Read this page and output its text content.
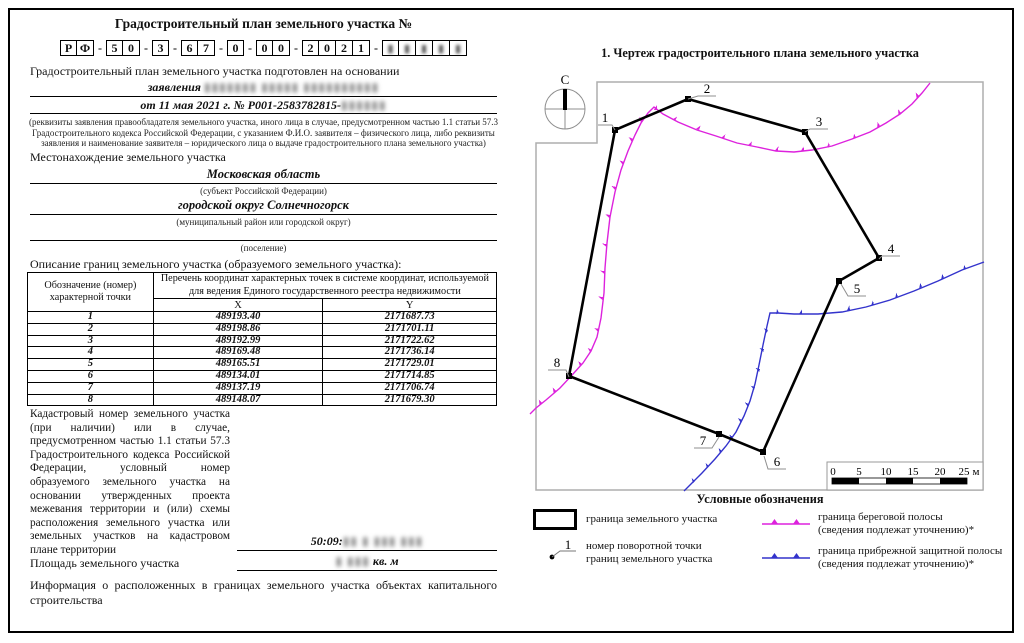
Градостроительный план земельного участка №
Р Ф - 5 0 - 3 - 6 7 - 0 - 0 0 - 2 0 2 1 - ▮ ▮ ▮ ▮ ▮
Градостроительный план земельного участка подготовлен на основании
заявления ▮▮▮▮▮▮▮ ▮▮▮▮▮ ▮▮▮▮▮▮▮▮▮▮
от 11 мая 2021 г. № Р001-2583782815-▮▮▮▮▮▮
(реквизиты заявления правообладателя земельного участка, иного лица в случае, предусмотренном частью 1.1 статьи 57.3
Градостроительного кодекса Российской Федерации, с указанием Ф.И.О. заявителя – физического лица, либо реквизиты
заявления и наименование заявителя – юридического лица о выдаче градостроительного плана земельного участка)
Местонахождение земельного участка
Московская область
(субъект Российской Федерации)
городской округ Солнечногорск
(муниципальный район или городской округ)
(поселение)
Описание границ земельного участка (образуемого земельного участка):
Обозначение (номер) характерной точки	Перечень координат характерных точек в системе координат, используемой для ведения Единого государственного реестра недвижимости	
	X	Y
1	489193.40	2171687.73
2	489198.86	2171701.11
3	489192.99	2171722.62
4	489169.48	2171736.14
5	489165.51	2171729.01
6	489134.01	2171714.85
7	489137.19	2171706.74
8	489148.07	2171679.30
Кадастровый номер земельного участка (при наличии) или в случае, предусмотренном частью 1.1 статьи 57.3 Градостроительного кодекса Российской Федерации, условный номер образуемого земельного участка на основании утвержденных проекта межевания территории и (или) схемы расположения земельного участка или земельных участков на кадастровом плане территории
50:09:▮▮ ▮ ▮▮▮ ▮▮▮
Площадь земельного участка	▮ ▮▮▮ кв. м
Информация о расположенных в границах земельного участка объектах капитального строительства
1. Чертеж градостроительного плана земельного участка
С
1
2
3
4
5
6
7
8
0 5 10 15 20 25 м
Условные обозначения
граница земельного участка
1 номер поворотной точки
границ земельного участка
граница береговой полосы
(сведения подлежат уточнению)*
граница прибрежной защитной полосы
(сведения подлежат уточнению)*
